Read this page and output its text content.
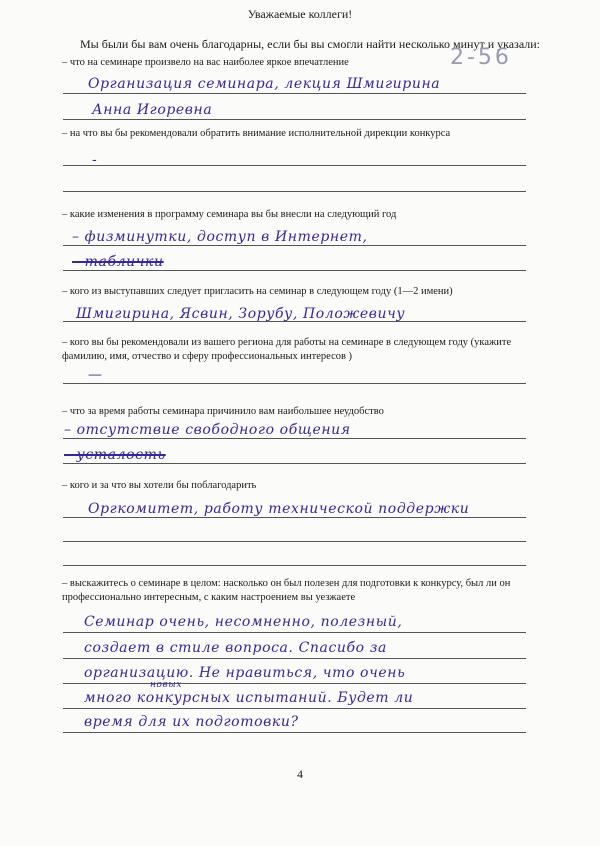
Уважаемые коллеги!
Мы были бы вам очень благодарны, если бы вы смогли найти несколько минут и указали:
2-56
– что на семинаре произвело на вас наиболее яркое впечатление
Организация семинара, лекция Шмигирина
Анна Игоревна
– на что вы бы рекомендовали обратить внимание исполнительной дирекции конкурса
-
– какие изменения в программу семинара вы бы внесли на следующий год
– физминутки, доступ в Интернет,
– таблички
– кого из выступавших следует пригласить на семинар в следующем году (1—2 имени)
Шмигирина, Ясвин, Зорубу, Положевичу
– кого вы бы рекомендовали из вашего региона для работы на семинаре в следующем году (укажите фамилию, имя, отчество и сферу профессиональных интересов )
—
– что за время работы семинара причинило вам наибольшее неудобство
– отсутствие свободного общения
– усталость
– кого и за что вы хотели бы поблагодарить
Оргкомитет, работу технической поддержки
– выскажитесь о семинаре в целом: насколько он был полезен для подготовки к конкурсу, был ли он профессионально интересным, с каким настроением вы уезжаете
Семинар очень, несомненно, полезный,
создает в стиле вопроса. Спасибо за
организацию. Не нравиться, что очень
новых
много конкурсных испытаний. Будет ли
время для их подготовки?
4
